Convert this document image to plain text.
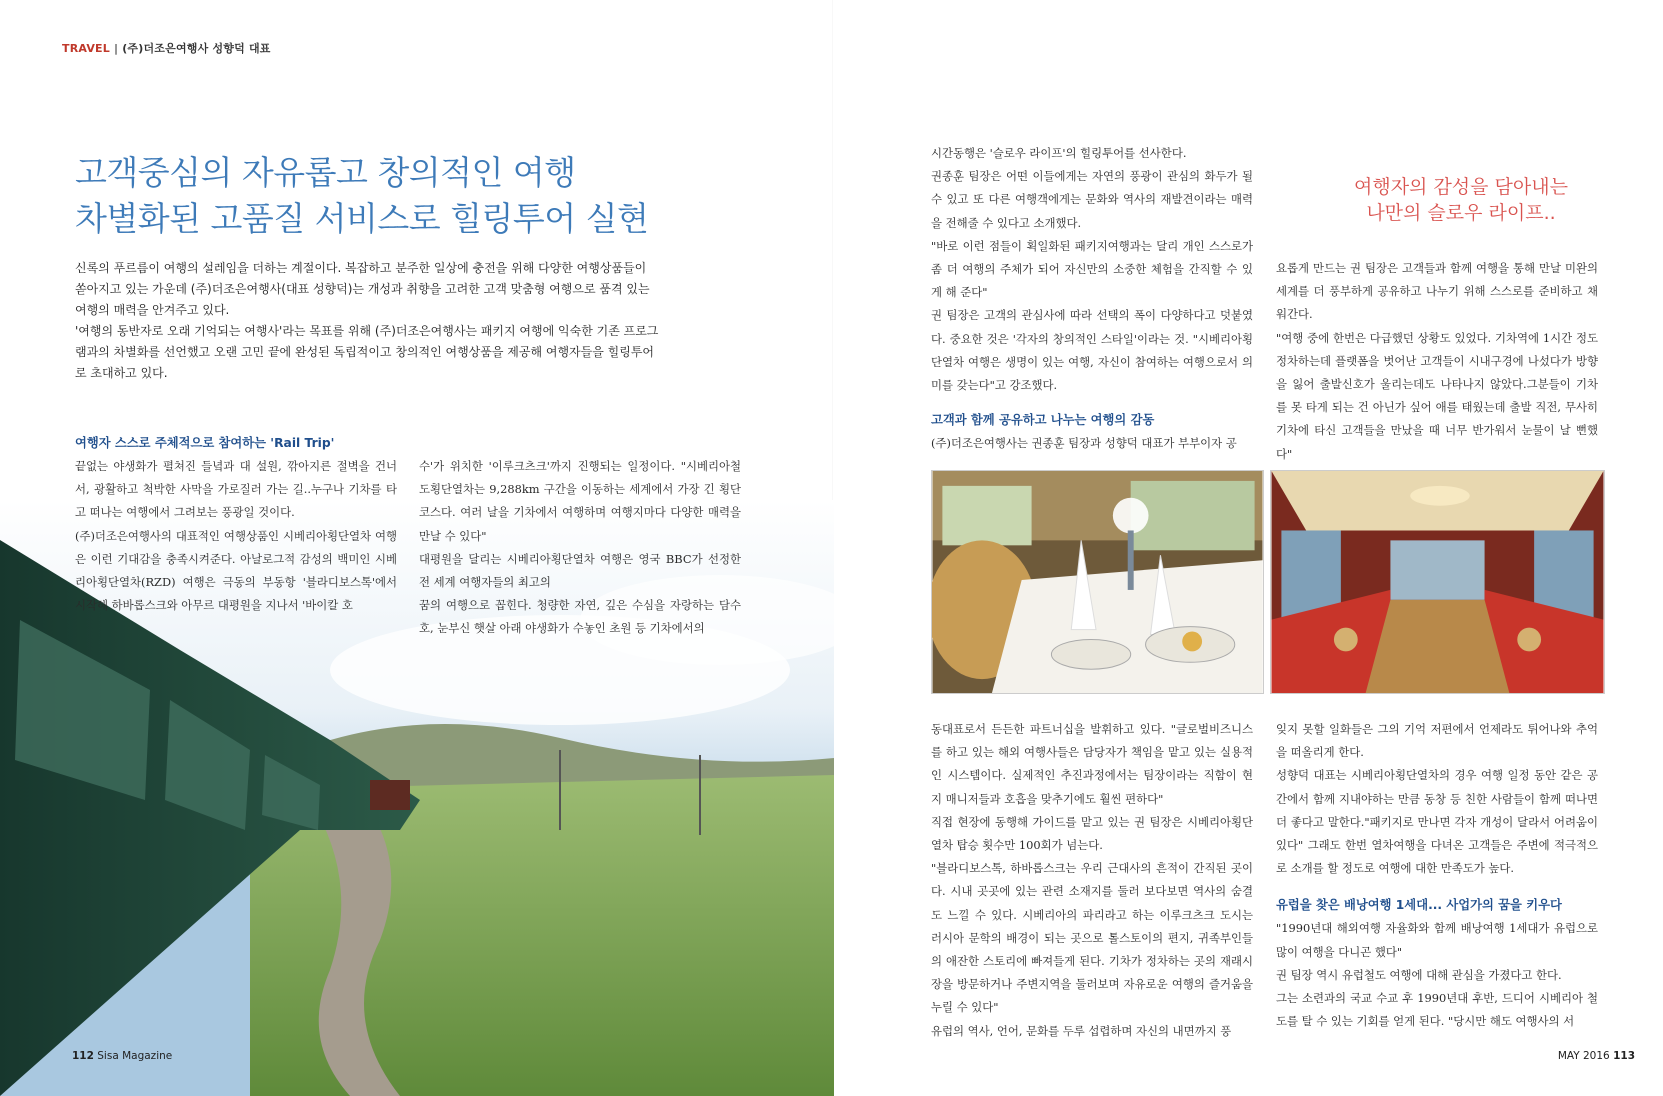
TRAVEL | (주)더조은여행사 성향덕 대표
고객중심의 자유롭고 창의적인 여행
차별화된 고품질 서비스로 힐링투어 실현

신록의 푸르름이 여행의 설레임을 더하는 계절이다. 복잡하고 분주한 일상에 충전을 위해 다양한 여행상품들이 쏟아지고 있는 가운데 (주)더조은여행사(대표 성향덕)는 개성과 취향을 고려한 고객 맞춤형 여행으로 품격 있는 여행의 매력을 안겨주고 있다.

'여행의 동반자로 오래 기억되는 여행사'라는 목표를 위해 (주)더조은여행사는 패키지 여행에 익숙한 기존 프로그램과의 차별화를 선언했고 오랜 고민 끝에 완성된 독립적이고 창의적인 여행상품을 제공해 여행자들을 힐링투어로 초대하고 있다.

여행자 스스로 주체적으로 참여하는 'Rail Trip'

끝없는 야생화가 펼쳐진 들녘과 대 설원, 깎아지른 절벽을 건너서, 광활하고 척박한 사막을 가로질러 가는 길..누구나 기차를 타고 떠나는 여행에서 그려보는 풍광일 것이다.

(주)더조은여행사의 대표적인 여행상품인 시베리아횡단열차 여행은 이런 기대감을 충족시켜준다. 아날로그적 감성의 백미인 시베리아횡단열차(RZD) 여행은 극동의 부동항 '블라디보스톡'에서 시작해 하바롭스크와 아무르 대평원을 지나서 '바이칼 호

수'가 위치한 '이루크츠크'까지 진행되는 일정이다. "시베리아철도횡단열차는 9,288km 구간을 이동하는 세계에서 가장 긴 횡단코스다. 여러 날을 기차에서 여행하며 여행지마다 다양한 매력을 만날 수 있다"

대평원을 달리는 시베리아횡단열차 여행은 영국 BBC가 선정한 전 세계 여행자들의 최고의

꿈의 여행으로 꼽힌다. 청량한 자연, 깊은 수심을 자랑하는 담수호, 눈부신 햇살 아래 야생화가 수놓인 초원 등 기차에서의

시간동행은 '슬로우 라이프'의 힐링투어를 선사한다.

권종훈 팀장은 어떤 이들에게는 자연의 풍광이 관심의 화두가 될 수 있고 또 다른 여행객에게는 문화와 역사의 재발견이라는 매력을 전해줄 수 있다고 소개했다.

"바로 이런 점들이 획일화된 패키지여행과는 달리 개인 스스로가 좀 더 여행의 주체가 되어 자신만의 소중한 체험을 간직할 수 있게 해 준다"

권 팀장은 고객의 관심사에 따라 선택의 폭이 다양하다고 덧붙였다. 중요한 것은 '각자의 창의적인 스타일'이라는 것. "시베리아횡단열차 여행은 생명이 있는 여행, 자신이 참여하는 여행으로서 의미를 갖는다"고 강조했다.

고객과 함께 공유하고 나누는 여행의 감동

(주)더조은여행사는 권종훈 팀장과 성향덕 대표가 부부이자 공

여행자의 감성을 담아내는
나만의 슬로우 라이프..

요롭게 만드는 권 팀장은 고객들과 함께 여행을 통해 만날 미완의 세계를 더 풍부하게 공유하고 나누기 위해 스스로를 준비하고 채워간다.

"여행 중에 한번은 다급했던 상황도 있었다. 기차역에 1시간 정도 정차하는데 플랫폼을 벗어난 고객들이 시내구경에 나섰다가 방향을 잃어 출발신호가 울리는데도 나타나지 않았다.그분들이 기차를 못 타게 되는 건 아닌가 싶어 애를 태웠는데 출발 직전, 무사히 기차에 타신 고객들을 만났을 때 너무 반가워서 눈물이 날 뻔했다"

동대표로서 든든한 파트너십을 발휘하고 있다. "글로벌비즈니스를 하고 있는 해외 여행사들은 담당자가 책임을 맡고 있는 실용적인 시스템이다. 실제적인 추진과정에서는 팀장이라는 직함이 현지 매니저들과 호흡을 맞추기에도 훨씬 편하다"

직접 현장에 동행해 가이드를 맡고 있는 권 팀장은 시베리아횡단열차 탑승 횟수만 100회가 넘는다.

"블라디보스톡, 하바롭스크는 우리 근대사의 흔적이 간직된 곳이다. 시내 곳곳에 있는 관련 소재지를 둘러 보다보면 역사의 숨결도 느낄 수 있다. 시베리아의 파리라고 하는 이루크츠크 도시는 러시아 문학의 배경이 되는 곳으로 톨스토이의 편지, 귀족부인들의 애잔한 스토리에 빠져들게 된다. 기차가 정차하는 곳의 재래시장을 방문하거나 주변지역을 둘러보며 자유로운 여행의 즐거움을 누릴 수 있다"

유럽의 역사, 언어, 문화를 두루 섭렵하며 자신의 내면까지 풍

잊지 못할 일화들은 그의 기억 저편에서 언제라도 튀어나와 추억을 떠올리게 한다.

성향덕 대표는 시베리아횡단열차의 경우 여행 일정 동안 같은 공간에서 함께 지내야하는 만큼 동창 등 친한 사람들이 함께 떠나면 더 좋다고 말한다."패키지로 만나면 각자 개성이 달라서 어려움이 있다" 그래도 한번 열차여행을 다녀온 고객들은 주변에 적극적으로 소개를 할 정도로 여행에 대한 만족도가 높다.

유럽을 찾은 배낭여행 1세대... 사업가의 꿈을 키우다

"1990년대 해외여행 자율화와 함께 배낭여행 1세대가 유럽으로 많이 여행을 다니곤 했다"

권 팀장 역시 유럽철도 여행에 대해 관심을 가졌다고 한다.

그는 소련과의 국교 수교 후 1990년대 후반, 드디어 시베리아 철도를 탈 수 있는 기회를 얻게 된다. "당시만 해도 여행사의 서

112 Sisa Magazine	MAY 2016 113
